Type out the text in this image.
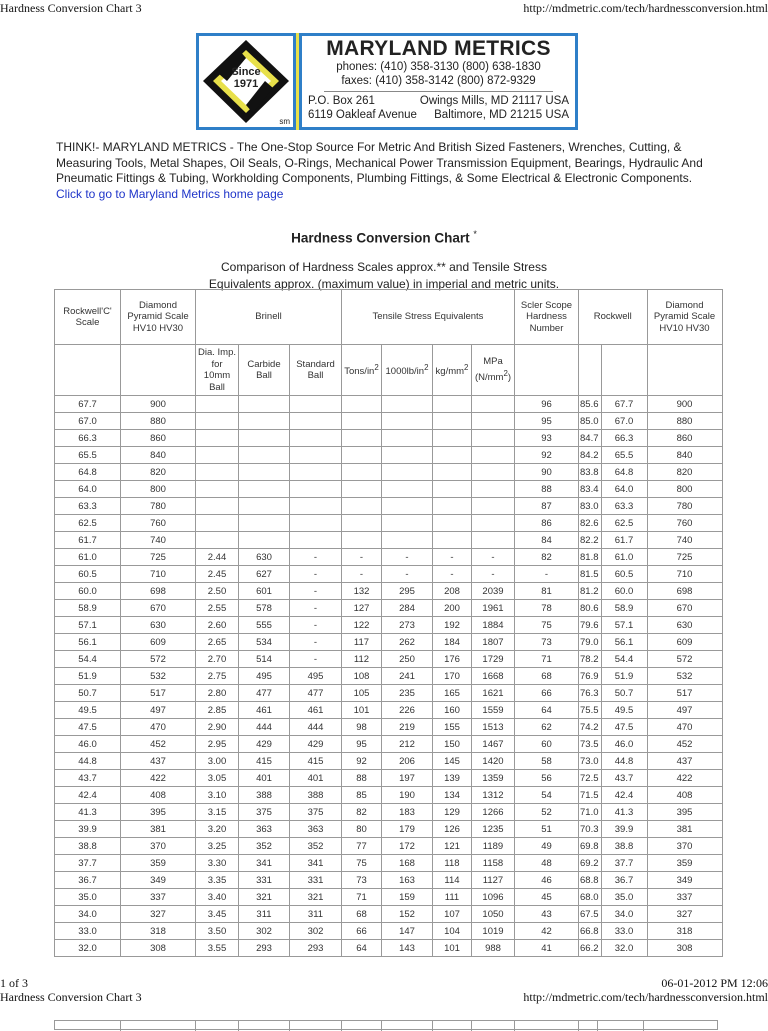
Hardness Conversion Chart 3	http://mdmetric.com/tech/hardnessconversion.html
Since
1971
sm
MARYLAND METRICS
phones: (410) 358-3130 (800) 638-1830
faxes: (410) 358-3142 (800) 872-9329
P.O. Box 261	Owings Mills, MD 21117 USA
6119 Oakleaf Avenue Baltimore, MD 21215 USA

THINK!- MARYLAND METRICS - The One-Stop Source For Metric And British Sized Fasteners, Wrenches, Cutting, & Measuring Tools, Metal Shapes, Oil Seals, O-Rings, Mechanical Power Transmission Equipment, Bearings, Hydraulic And Pneumatic Fittings & Tubing, Workholding Components, Plumbing Fittings, & Some Electrical & Electronic Components. Click to go to Maryland Metrics home page

Hardness Conversion Chart *
Comparison of Hardness Scales approx.** and Tensile Stress
Equivalents approx. (maximum value) in imperial and metric units.
Rockwell'C' Scale	Diamond Pyramid Scale HV10 HV30	Brinell			Tensile Stress Equivalents				Scler Scope Hardness Number	Rockwell		Diamond Pyramid Scale HV10 HV30
		Dia. Imp. for 10mm Ball	Carbide Ball	Standard Ball	Tons/$in^2$	$1000lb/in^2$	$kg/mm^2$	MPa
$(N/mm^2)$				
67.7	900								96	85.6	67.7	900
67.0	880								95	85.0	67.0	880
66.3	860								93	84.7	66.3	860
65.5	840								92	84.2	65.5	840
64.8	820								90	83.8	64.8	820
64.0	800								88	83.4	64.0	800
63.3	780								87	83.0	63.3	780
62.5	760								86	82.6	62.5	760
61.7	740								84	82.2	61.7	740
61.0	725	2.44	630	-	-	-	-	-	82	81.8	61.0	725
60.5	710	2.45	627	-	-	-	-	-	-	81.5	60.5	710
60.0	698	2.50	601	-	132	295	208	2039	81	81.2	60.0	698
58.9	670	2.55	578	-	127	284	200	1961	78	80.6	58.9	670
57.1	630	2.60	555	-	122	273	192	1884	75	79.6	57.1	630
56.1	609	2.65	534	-	117	262	184	1807	73	79.0	56.1	609
54.4	572	2.70	514	-	112	250	176	1729	71	78.2	54.4	572
51.9	532	2.75	495	495	108	241	170	1668	68	76.9	51.9	532
50.7	517	2.80	477	477	105	235	165	1621	66	76.3	50.7	517
49.5	497	2.85	461	461	101	226	160	1559	64	75.5	49.5	497
47.5	470	2.90	444	444	98	219	155	1513	62	74.2	47.5	470
46.0	452	2.95	429	429	95	212	150	1467	60	73.5	46.0	452
44.8	437	3.00	415	415	92	206	145	1420	58	73.0	44.8	437
43.7	422	3.05	401	401	88	197	139	1359	56	72.5	43.7	422
42.4	408	3.10	388	388	85	190	134	1312	54	71.5	42.4	408
41.3	395	3.15	375	375	82	183	129	1266	52	71.0	41.3	395
39.9	381	3.20	363	363	80	179	126	1235	51	70.3	39.9	381
38.8	370	3.25	352	352	77	172	121	1189	49	69.8	38.8	370
37.7	359	3.30	341	341	75	168	118	1158	48	69.2	37.7	359
36.7	349	3.35	331	331	73	163	114	1127	46	68.8	36.7	349
35.0	337	3.40	321	321	71	159	111	1096	45	68.0	35.0	337
34.0	327	3.45	311	311	68	152	107	1050	43	67.5	34.0	327
33.0	318	3.50	302	302	66	147	104	1019	42	66.8	33.0	318
32.0	308	3.55	293	293	64	143	101	988	41	66.2	32.0	308
1 of 3	06-01-2012 PM 12:06
Hardness Conversion Chart 3	http://mdmetric.com/tech/hardnessconversion.html
